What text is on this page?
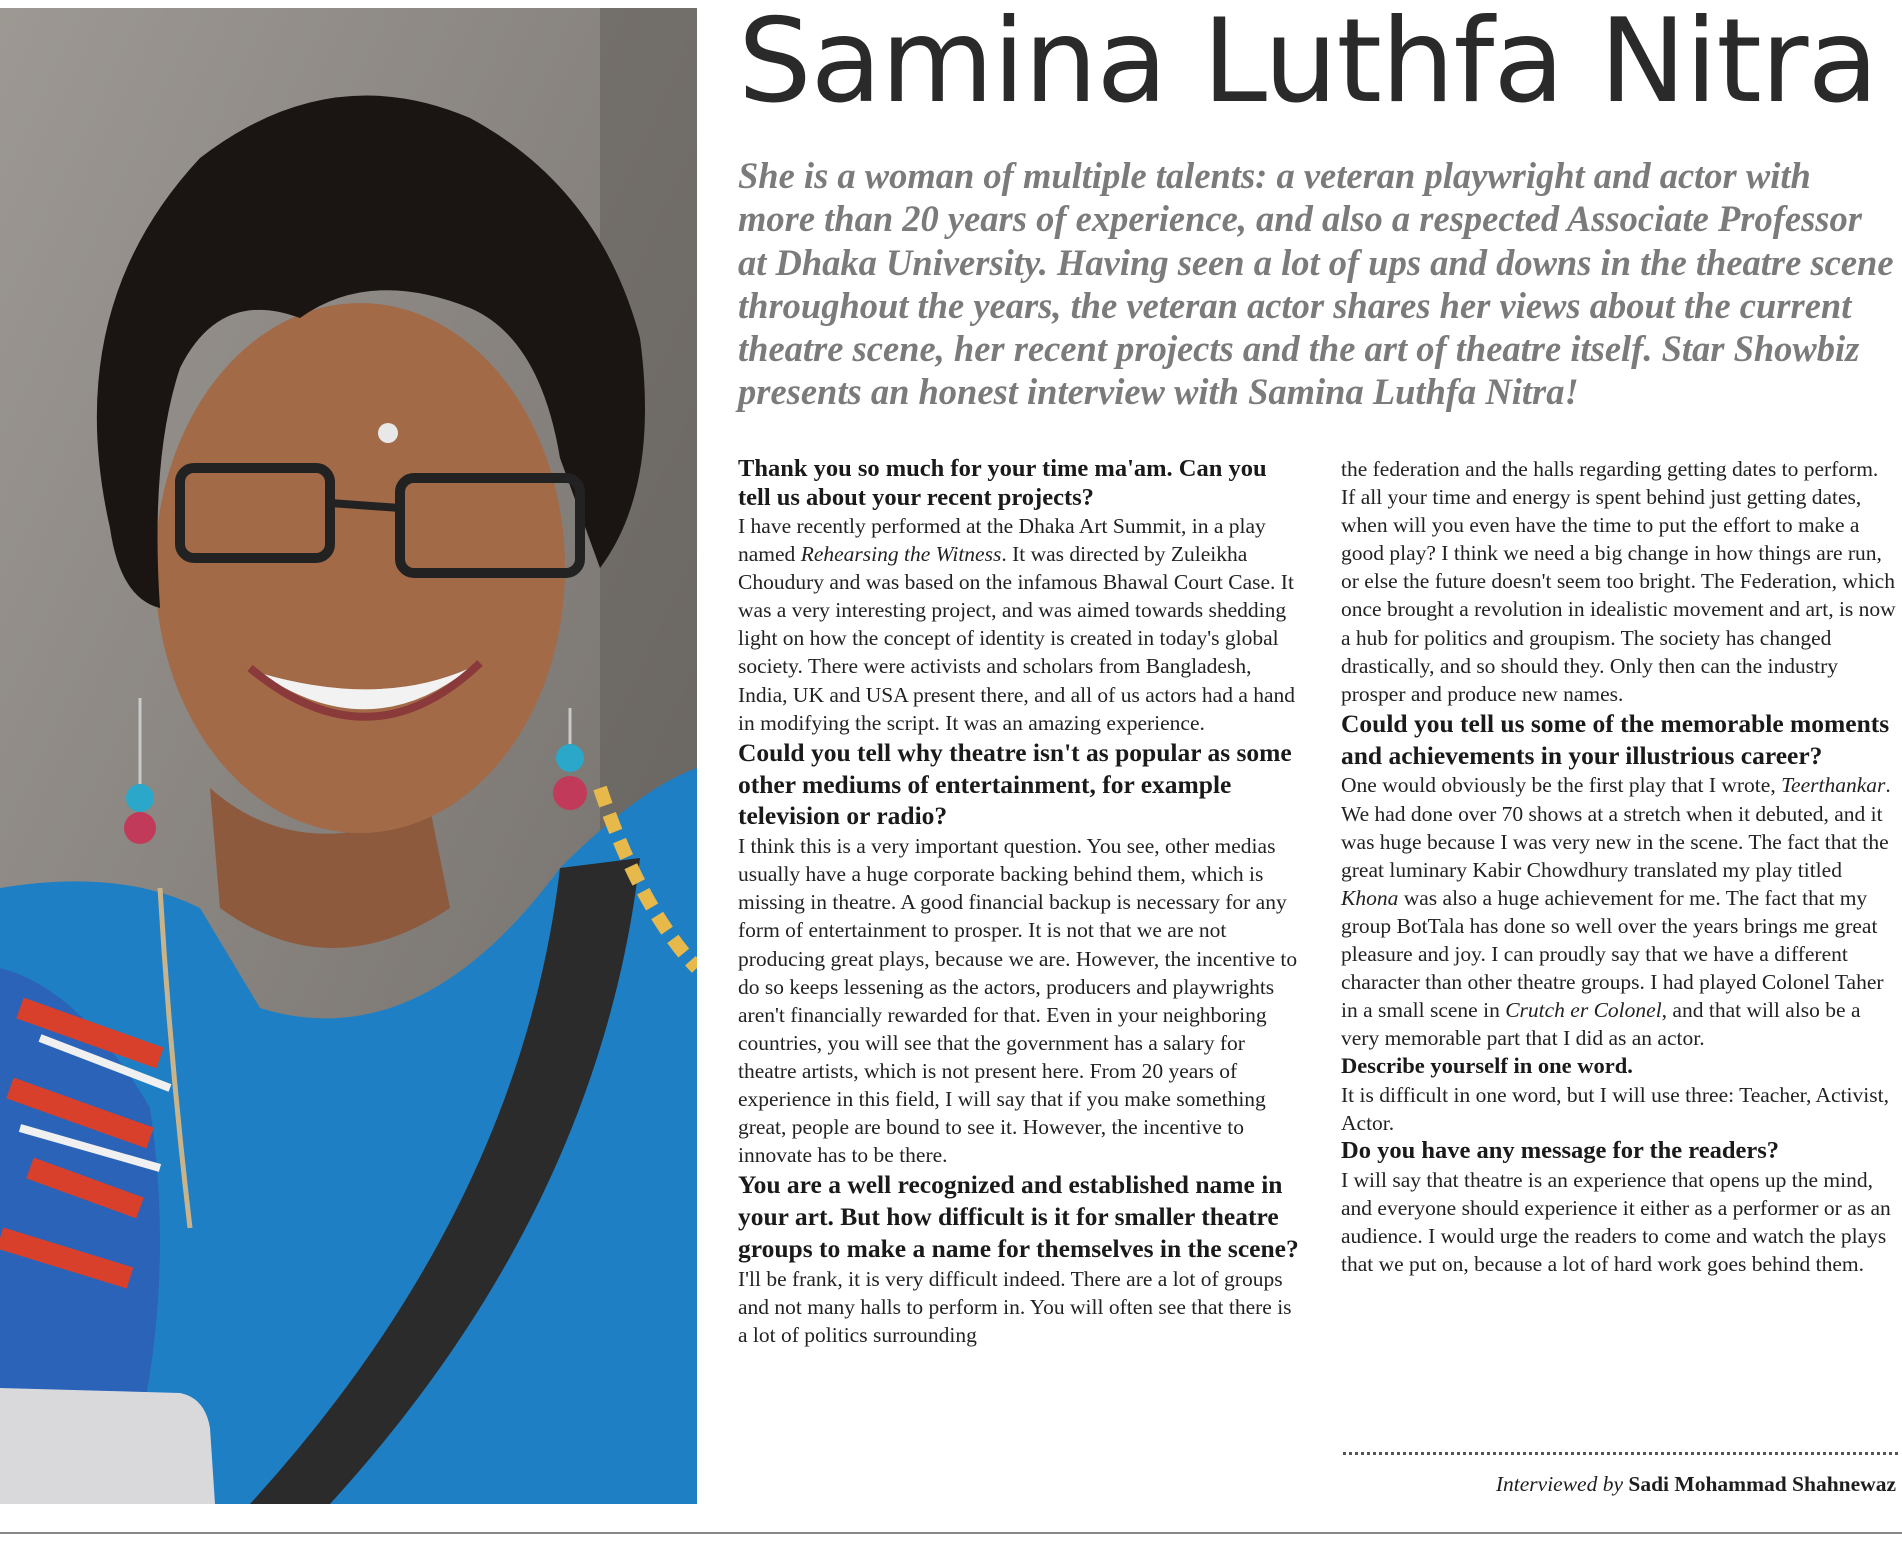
Samina Luthfa Nitra

She is a woman of multiple talents: a veteran playwright and actor with more than 20 years of experience, and also a respected Associate Professor at Dhaka University. Having seen a lot of ups and downs in the theatre scene throughout the years, the veteran actor shares her views about the current theatre scene, her recent projects and the art of theatre itself. Star Showbiz presents an honest interview with Samina Luthfa Nitra!

Thank you so much for your time ma'am. Can you tell us about your recent projects?

I have recently performed at the Dhaka Art Summit, in a play named Rehearsing the Witness. It was directed by Zuleikha Choudury and was based on the infamous Bhawal Court Case. It was a very interesting project, and was aimed towards shedding light on how the concept of identity is created in today's global society. There were activists and scholars from Bangladesh, India, UK and USA present there, and all of us actors had a hand in modifying the script. It was an amazing experience.

Could you tell why theatre isn't as popular as some other mediums of entertainment, for example television or radio?

I think this is a very important question. You see, other medias usually have a huge corporate backing behind them, which is missing in theatre. A good financial backup is necessary for any form of entertainment to prosper. It is not that we are not producing great plays, because we are. However, the incentive to do so keeps lessening as the actors, producers and playwrights aren't financially rewarded for that. Even in your neighboring countries, you will see that the government has a salary for theatre artists, which is not present here. From 20 years of experience in this field, I will say that if you make something great, people are bound to see it. However, the incentive to innovate has to be there.

You are a well recognized and established name in your art. But how difficult is it for smaller theatre groups to make a name for themselves in the scene?

I'll be frank, it is very difficult indeed. There are a lot of groups and not many halls to perform in. You will often see that there is a lot of politics surrounding

the federation and the halls regarding getting dates to perform. If all your time and energy is spent behind just getting dates, when will you even have the time to put the effort to make a good play? I think we need a big change in how things are run, or else the future doesn't seem too bright. The Federation, which once brought a revolution in idealistic movement and art, is now a hub for politics and groupism. The society has changed drastically, and so should they. Only then can the industry prosper and produce new names.

Could you tell us some of the memorable moments and achievements in your illustrious career?

One would obviously be the first play that I wrote, Teerthankar. We had done over 70 shows at a stretch when it debuted, and it was huge because I was very new in the scene. The fact that the great luminary Kabir Chowdhury translated my play titled Khona was also a huge achievement for me. The fact that my group BotTala has done so well over the years brings me great pleasure and joy. I can proudly say that we have a different character than other theatre groups. I had played Colonel Taher in a small scene in Crutch er Colonel, and that will also be a very memorable part that I did as an actor.

Describe yourself in one word.

It is difficult in one word, but I will use three: Teacher, Activist, Actor.

Do you have any message for the readers?

I will say that theatre is an experience that opens up the mind, and everyone should experience it either as a performer or as an audience. I would urge the readers to come and watch the plays that we put on, because a lot of hard work goes behind them.

Interviewed by Sadi Mohammad Shahnewaz
